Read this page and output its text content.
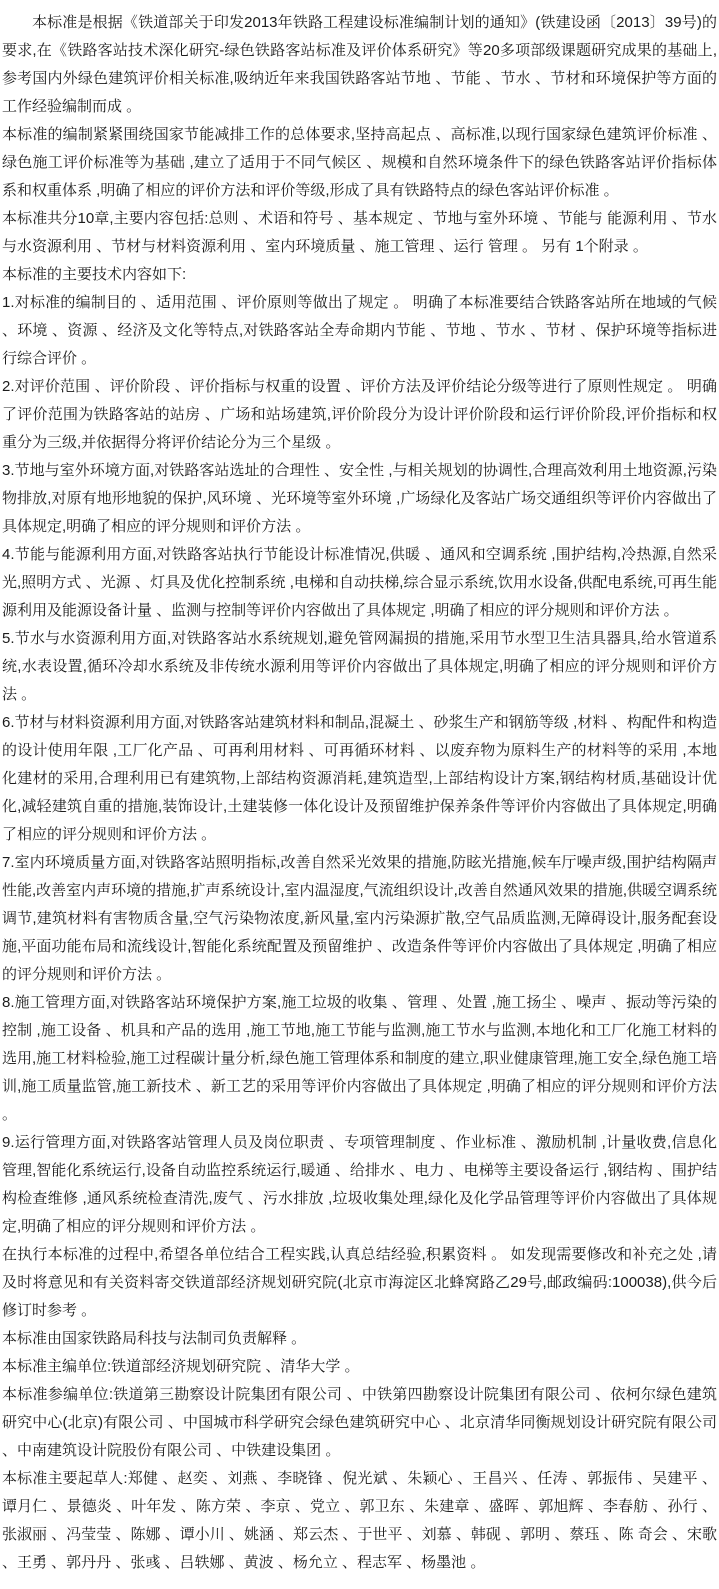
本标准是根据《铁道部关于印发2013年铁路工程建设标准编制计划的通知》(铁建设函〔2013〕39号)的要求,在《铁路客站技术深化研究-绿色铁路客站标准及评价体系研究》等20多项部级课题研究成果的基础上,参考国内外绿色建筑评价相关标准,吸纳近年来我国铁路客站节地 、节能 、节水 、节材和环境保护等方面的工作经验编制而成 。

本标准的编制紧紧围绕国家节能减排工作的总体要求,坚持高起点 、高标准,以现行国家绿色建筑评价标准 、绿色施工评价标准等为基础 ,建立了适用于不同气候区 、规模和自然环境条件下的绿色铁路客站评价指标体系和权重体系 ,明确了相应的评价方法和评价等级,形成了具有铁路特点的绿色客站评价标准 。

本标准共分10章,主要内容包括:总则 、术语和符号 、基本规定 、节地与室外环境 、节能与 能源利用 、节水与水资源利用 、节材与材料资源利用 、室内环境质量 、施工管理 、运行 管理 。 另有 1个附录 。

本标准的主要技术内容如下:

1.对标准的编制目的 、适用范围 、评价原则等做出了规定 。 明确了本标准要结合铁路客站所在地域的气候 、环境 、资源 、经济及文化等特点,对铁路客站全寿命期内节能 、节地 、节水 、节材 、保护环境等指标进行综合评价 。

2.对评价范围 、评价阶段 、评价指标与权重的设置 、评价方法及评价结论分级等进行了原则性规定 。 明确了评价范围为铁路客站的站房 、广场和站场建筑,评价阶段分为设计评价阶段和运行评价阶段,评价指标和权重分为三级,并依据得分将评价结论分为三个星级 。

3.节地与室外环境方面,对铁路客站选址的合理性 、安全性 ,与相关规划的协调性,合理高效利用土地资源,污染物排放,对原有地形地貌的保护,风环境 、光环境等室外环境 ,广场绿化及客站广场交通组织等评价内容做出了具体规定,明确了相应的评分规则和评价方法 。

4.节能与能源利用方面,对铁路客站执行节能设计标准情况,供暖 、通风和空调系统 ,围护结构,冷热源,自然采光,照明方式 、光源 、灯具及优化控制系统 ,电梯和自动扶梯,综合显示系统,饮用水设备,供配电系统,可再生能源利用及能源设备计量 、监测与控制等评价内容做出了具体规定 ,明确了相应的评分规则和评价方法 。

5.节水与水资源利用方面,对铁路客站水系统规划,避免管网漏损的措施,采用节水型卫生洁具器具,给水管道系统,水表设置,循环冷却水系统及非传统水源利用等评价内容做出了具体规定,明确了相应的评分规则和评价方法 。

6.节材与材料资源利用方面,对铁路客站建筑材料和制品,混凝土 、砂浆生产和钢筋等级 ,材料 、构配件和构造的设计使用年限 ,工厂化产品 、可再利用材料 、可再循环材料 、以废弃物为原料生产的材料等的采用 ,本地化建材的采用,合理利用已有建筑物,上部结构资源消耗,建筑造型,上部结构设计方案,钢结构材质,基础设计优化,减轻建筑自重的措施,装饰设计,土建装修一体化设计及预留维护保养条件等评价内容做出了具体规定,明确了相应的评分规则和评价方法 。

7.室内环境质量方面,对铁路客站照明指标,改善自然采光效果的措施,防眩光措施,候车厅噪声级,围护结构隔声性能,改善室内声环境的措施,扩声系统设计,室内温湿度,气流组织设计,改善自然通风效果的措施,供暖空调系统调节,建筑材料有害物质含量,空气污染物浓度,新风量,室内污染源扩散,空气品质监测,无障碍设计,服务配套设施,平面功能布局和流线设计,智能化系统配置及预留维护 、改造条件等评价内容做出了具体规定 ,明确了相应的评分规则和评价方法 。

8.施工管理方面,对铁路客站环境保护方案,施工垃圾的收集 、管理 、处置 ,施工扬尘 、噪声 、振动等污染的控制 ,施工设备 、机具和产品的选用 ,施工节地,施工节能与监测,施工节水与监测,本地化和工厂化施工材料的选用,施工材料检验,施工过程碳计量分析,绿色施工管理体系和制度的建立,职业健康管理,施工安全,绿色施工培训,施工质量监管,施工新技术 、新工艺的采用等评价内容做出了具体规定 ,明确了相应的评分规则和评价方法 。

9.运行管理方面,对铁路客站管理人员及岗位职责 、专项管理制度 、作业标准 、激励机制 ,计量收费,信息化管理,智能化系统运行,设备自动监控系统运行,暖通 、给排水 、电力 、电梯等主要设备运行 ,钢结构 、围护结构检查维修 ,通风系统检查清洗,废气 、污水排放 ,垃圾收集处理,绿化及化学品管理等评价内容做出了具体规定,明确了相应的评分规则和评价方法 。

在执行本标准的过程中,希望各单位结合工程实践,认真总结经验,积累资料 。 如发现需要修改和补充之处 ,请及时将意见和有关资料寄交铁道部经济规划研究院(北京市海淀区北蜂窝路乙29号,邮政编码:100038),供今后修订时参考 。

本标准由国家铁路局科技与法制司负责解释 。

本标准主编单位:铁道部经济规划研究院 、清华大学 。

本标准参编单位:铁道第三勘察设计院集团有限公司 、中铁第四勘察设计院集团有限公司 、依柯尔绿色建筑研究中心(北京)有限公司 、中国城市科学研究会绿色建筑研究中心 、北京清华同衡规划设计研究院有限公司 、中南建筑设计院股份有限公司 、中铁建设集团 。

本标准主要起草人:郑健 、赵奕 、刘燕 、李晓锋 、倪光斌 、朱颖心 、王昌兴 、任涛 、郭振伟 、吴建平 、谭月仁 、景德炎 、叶年发 、陈方荣 、李京 、党立 、郭卫东 、朱建章 、盛晖 、郭旭辉 、李春舫 、孙行 、张淑丽 、冯莹莹 、陈娜 、谭小川 、姚涵 、郑云杰 、于世平 、刘慕 、韩砚 、郭明 、蔡珏 、陈 奇会 、宋歌 、王勇 、郭丹丹 、张彧 、吕轶娜 、黄波 、杨允立 、程志军 、杨墨池 。
